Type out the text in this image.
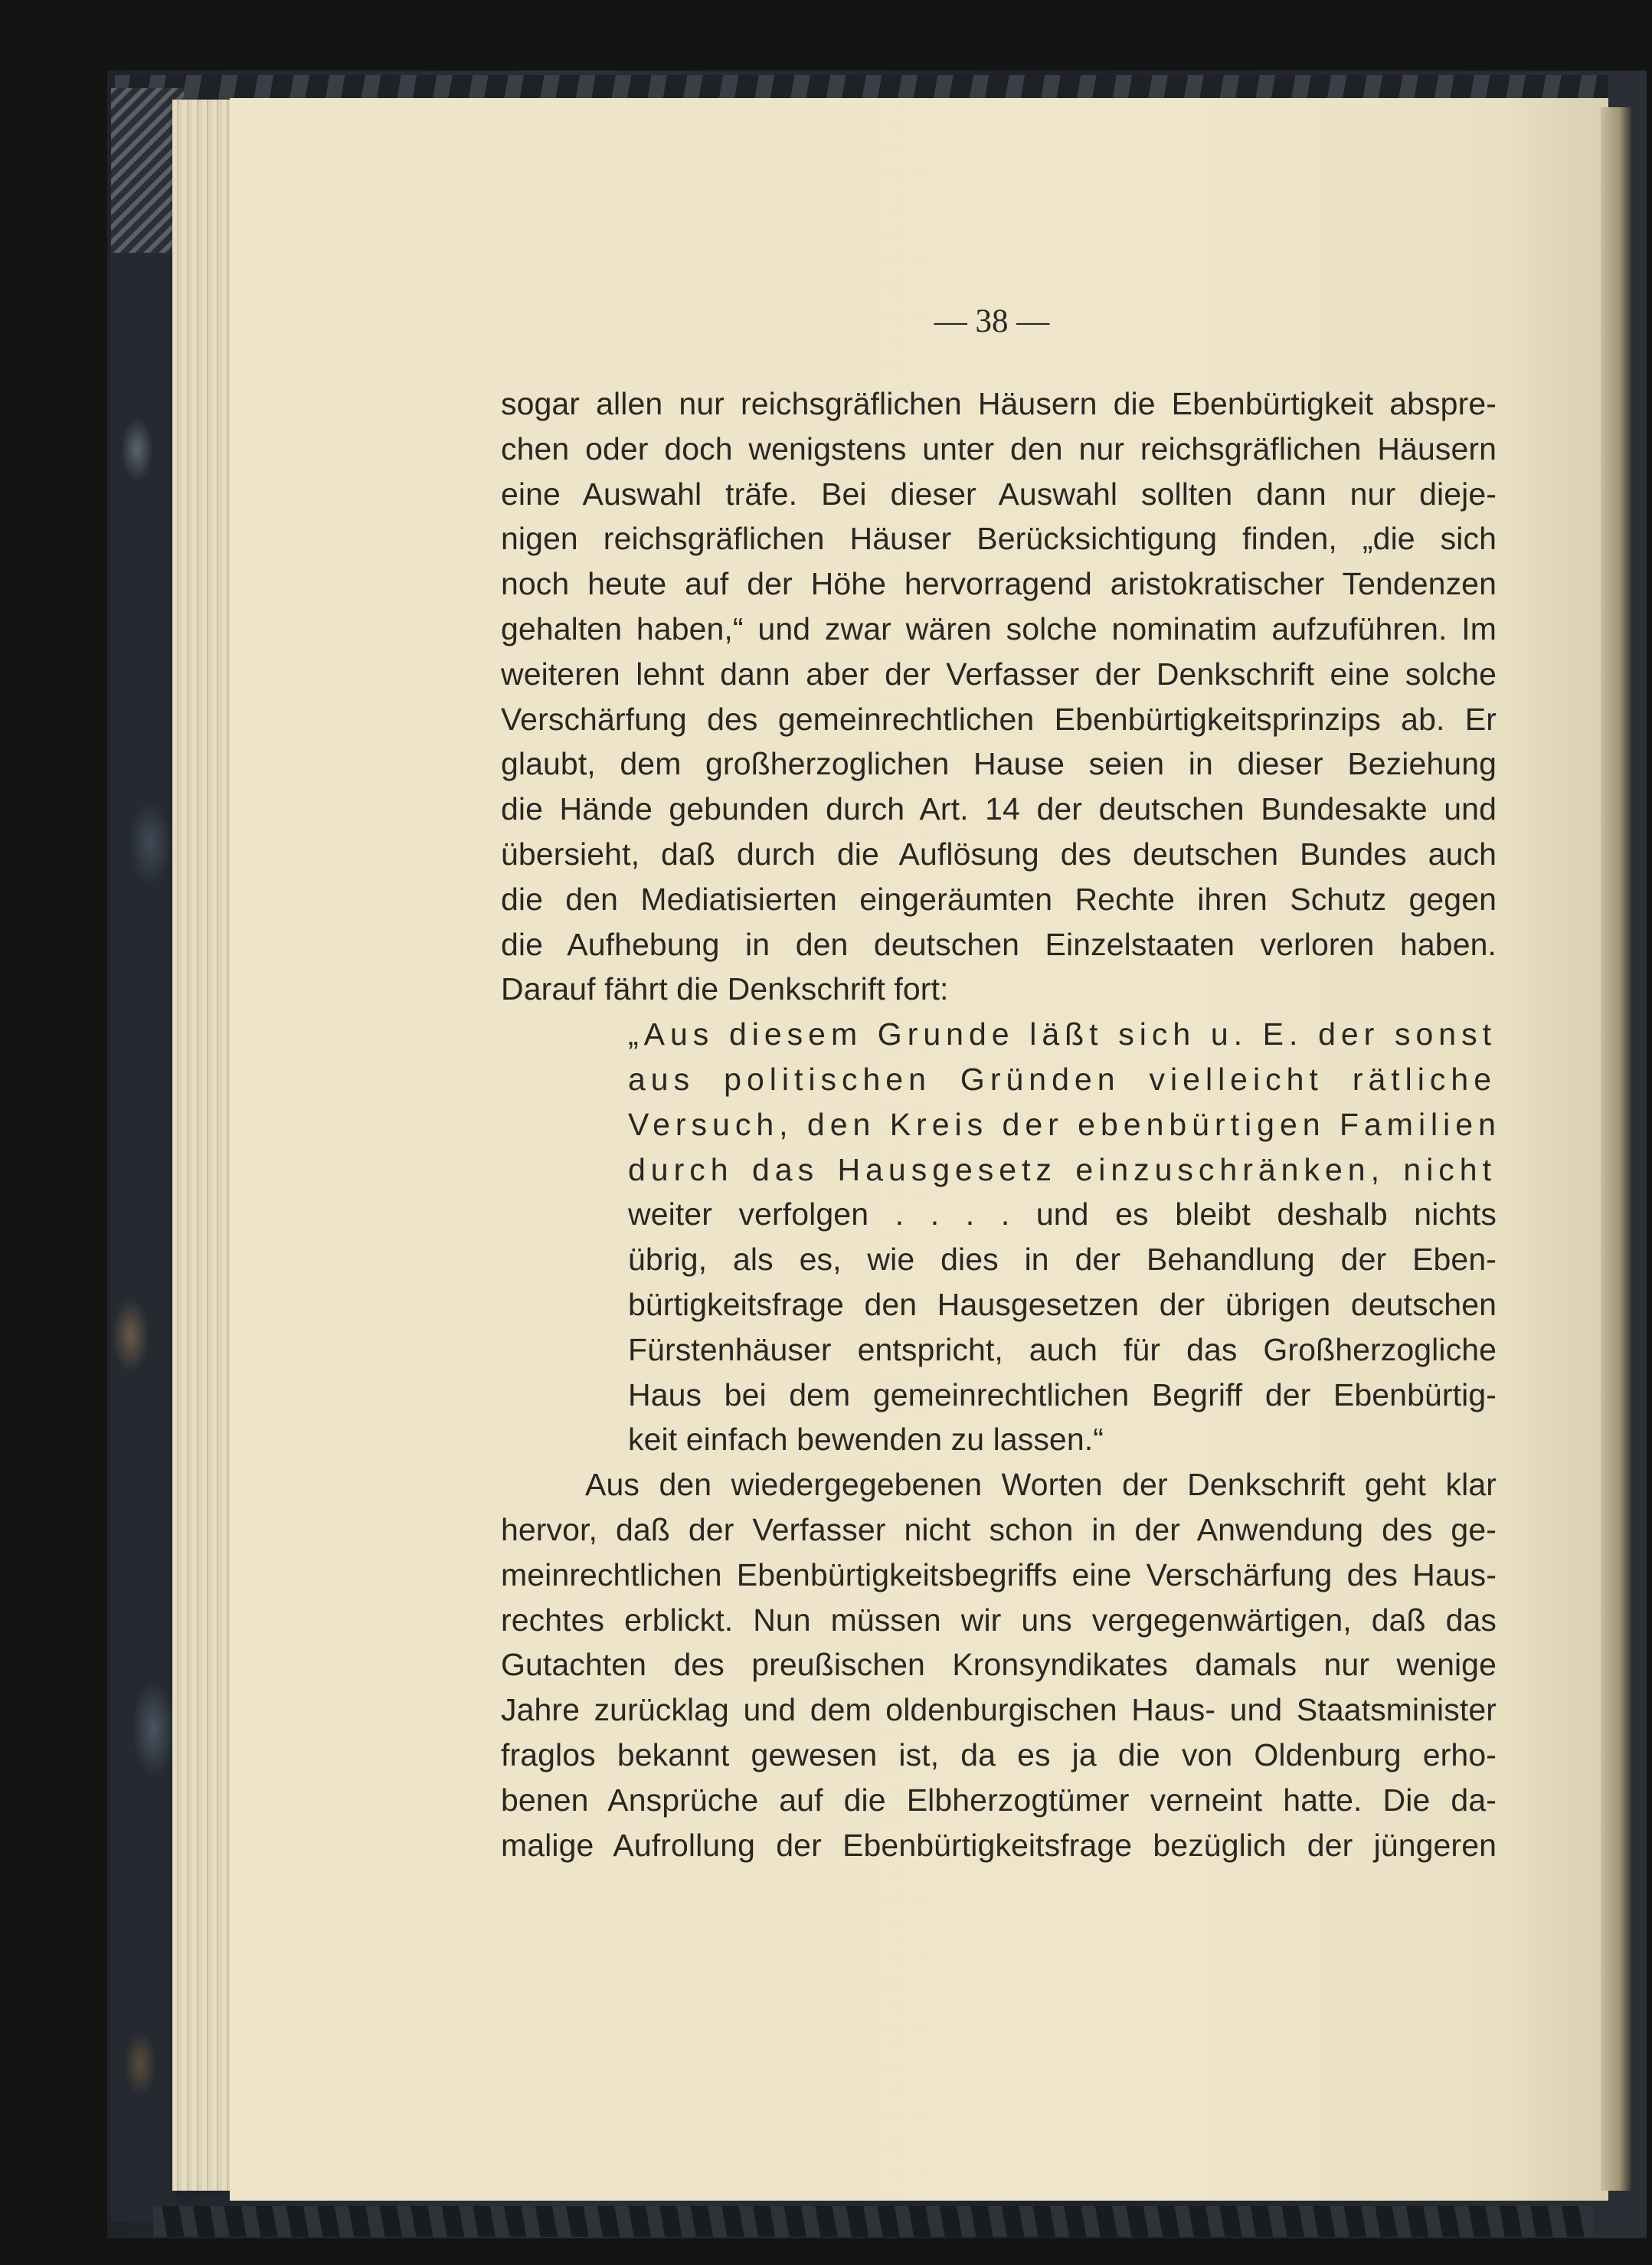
— 38 —
sogar allen nur reichsgräflichen Häusern die Ebenbürtigkeit abspre-
chen oder doch wenigstens unter den nur reichsgräflichen Häusern
eine Auswahl träfe. Bei dieser Auswahl sollten dann nur dieje-
nigen reichsgräflichen Häuser Berücksichtigung finden, „die sich
noch heute auf der Höhe hervorragend aristokratischer Tendenzen
gehalten haben,“ und zwar wären solche nominatim aufzuführen. Im
weiteren lehnt dann aber der Verfasser der Denkschrift eine solche
Verschärfung des gemeinrechtlichen Ebenbürtigkeitsprinzips ab. Er
glaubt, dem großherzoglichen Hause seien in dieser Beziehung
die Hände gebunden durch Art. 14 der deutschen Bundesakte und
übersieht, daß durch die Auflösung des deutschen Bundes auch
die den Mediatisierten eingeräumten Rechte ihren Schutz gegen
die Aufhebung in den deutschen Einzelstaaten verloren haben.
Darauf fährt die Denkschrift fort:
„Aus diesem Grunde läßt sich u. E. der sonst
aus politischen Gründen vielleicht rätliche
Versuch, den Kreis der ebenbürtigen Familien
durch das Hausgesetz einzuschränken, nicht
weiter verfolgen . . . . und es bleibt deshalb nichts
übrig, als es, wie dies in der Behandlung der Eben-
bürtigkeitsfrage den Hausgesetzen der übrigen deutschen
Fürstenhäuser entspricht, auch für das Großherzogliche
Haus bei dem gemeinrechtlichen Begriff der Ebenbürtig-
keit einfach bewenden zu lassen.“
Aus den wiedergegebenen Worten der Denkschrift geht klar
hervor, daß der Verfasser nicht schon in der Anwendung des ge-
meinrechtlichen Ebenbürtigkeitsbegriffs eine Verschärfung des Haus-
rechtes erblickt. Nun müssen wir uns vergegenwärtigen, daß das
Gutachten des preußischen Kronsyndikates damals nur wenige
Jahre zurücklag und dem oldenburgischen Haus- und Staatsminister
fraglos bekannt gewesen ist, da es ja die von Oldenburg erho-
benen Ansprüche auf die Elbherzogtümer verneint hatte. Die da-
malige Aufrollung der Ebenbürtigkeitsfrage bezüglich der jüngeren
